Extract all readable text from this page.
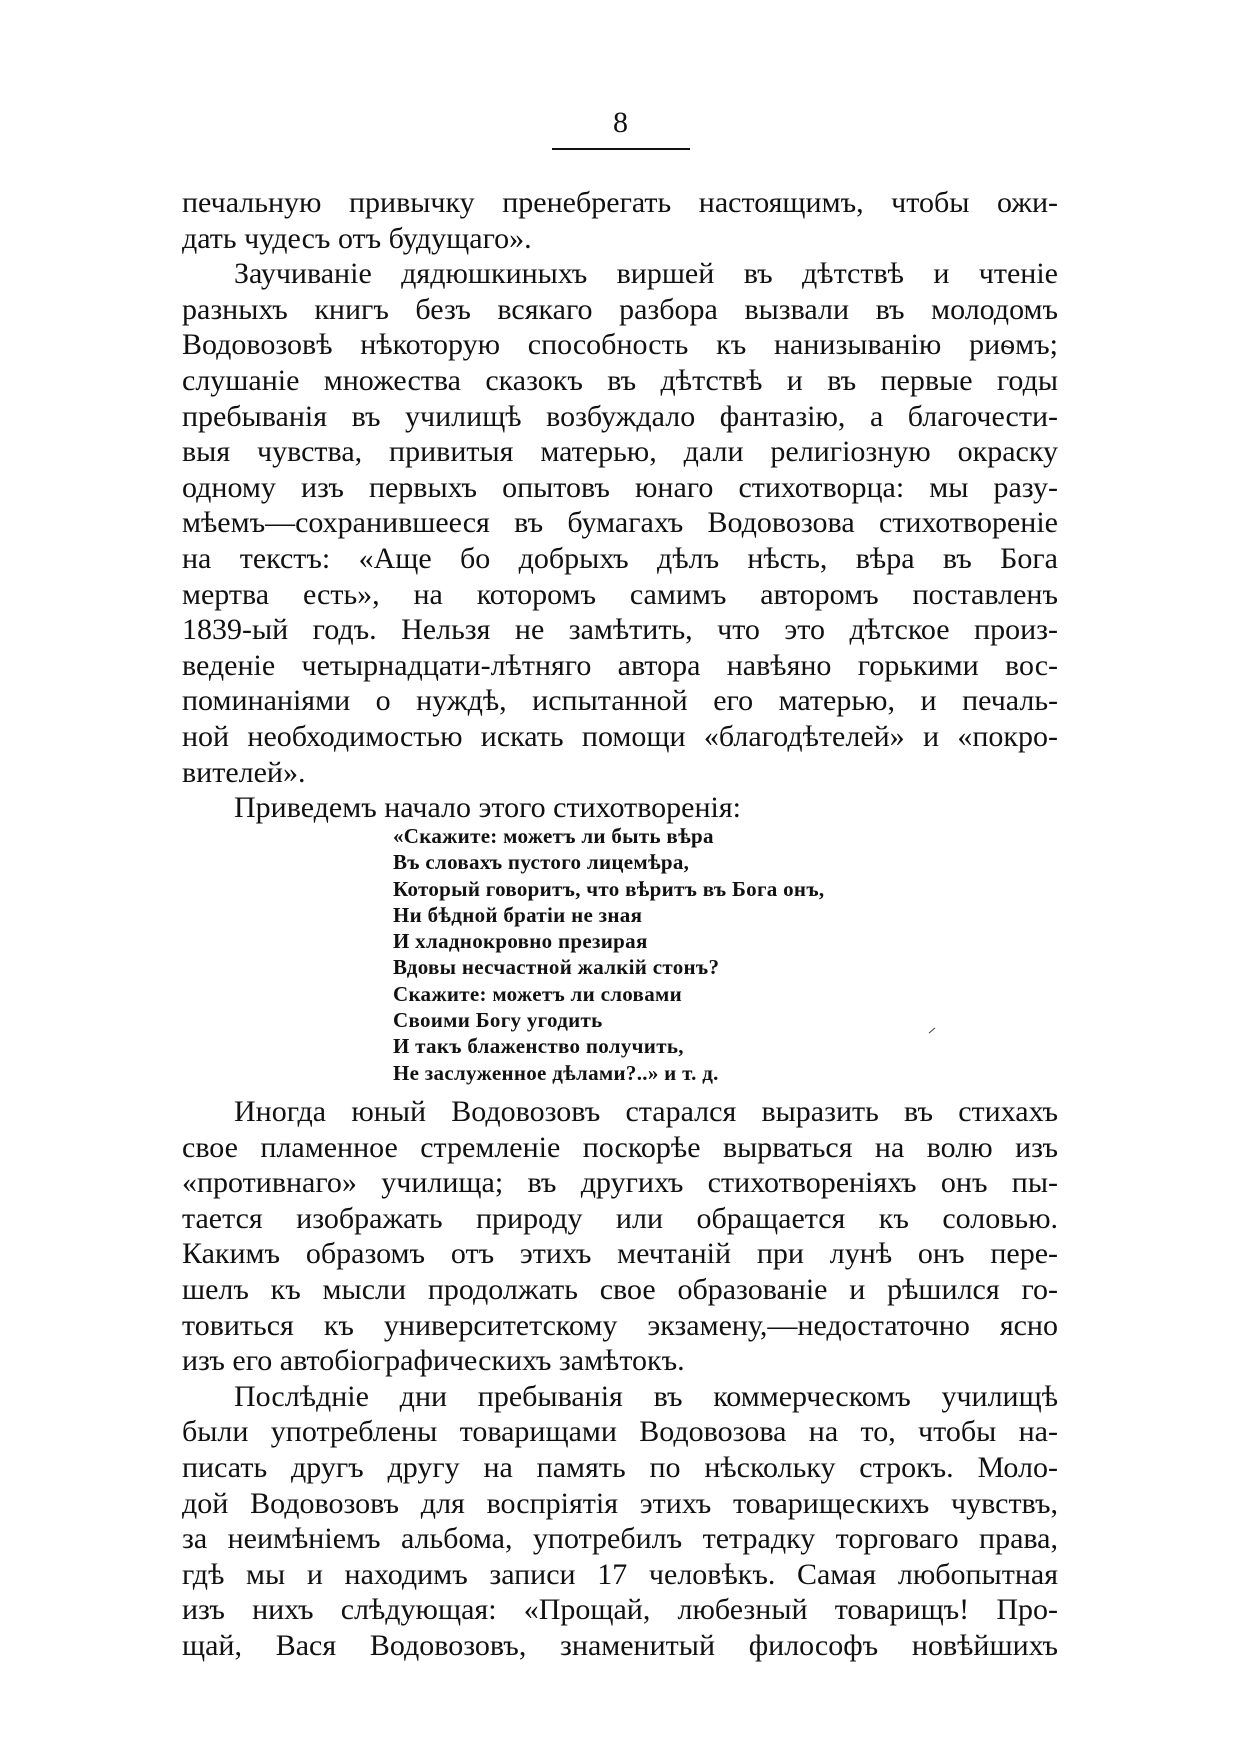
8
печальную привычку пренебрегать настоящимъ, чтобы ожи-
дать чудесъ отъ будущаго».
Заучиваніе дядюшкиныхъ виршей въ дѣтствѣ и чтеніе
разныхъ книгъ безъ всякаго разбора вызвали въ молодомъ
Водовозовѣ нѣкоторую способность къ нанизыванію риѳмъ;
слушаніе множества сказокъ въ дѣтствѣ и въ первые годы
пребыванія въ училищѣ возбуждало фантазію, а благочести-
выя чувства, привитыя матерью, дали религіозную окраску
одному изъ первыхъ опытовъ юнаго стихотворца: мы разу-
мѣемъ—сохранившееся въ бумагахъ Водовозова стихотвореніе
на текстъ: «Аще бо добрыхъ дѣлъ нѣсть, вѣра въ Бога
мертва есть», на которомъ самимъ авторомъ поставленъ
1839-ый годъ. Нельзя не замѣтить, что это дѣтское произ-
веденіе четырнадцати-лѣтняго автора навѣяно горькими вос-
поминаніями о нуждѣ, испытанной его матерью, и печаль-
ной необходимостью искать помощи «благодѣтелей» и «покро-
вителей».
Приведемъ начало этого стихотворенія:
«Скажите: можетъ ли быть вѣра
Въ словахъ пустого лицемѣра,
Который говоритъ, что вѣритъ въ Бога онъ,
Ни бѣдной братіи не зная
И хладнокровно презирая
Вдовы несчастной жалкій стонъ?
Скажите: можетъ ли словами
Своими Богу угодить
И такъ блаженство получить,
Не заслуженное дѣлами?..» и т. д.
Иногда юный Водовозовъ старался выразить въ стихахъ
свое пламенное стремленіе поскорѣе вырваться на волю изъ
«противнаго» училища; въ другихъ стихотвореніяхъ онъ пы-
тается изображать природу или обращается къ соловью.
Какимъ образомъ отъ этихъ мечтаній при лунѣ онъ пере-
шелъ къ мысли продолжать свое образованіе и рѣшился го-
товиться къ университетскому экзамену,—недостаточно ясно
изъ его автобіографическихъ замѣтокъ.
Послѣдніе дни пребыванія въ коммерческомъ училищѣ
были употреблены товарищами Водовозова на то, чтобы на-
писать другъ другу на память по нѣскольку строкъ. Моло-
дой Водовозовъ для воспріятія этихъ товарищескихъ чувствъ,
за неимѣніемъ альбома, употребилъ тетрадку торговаго права,
гдѣ мы и находимъ записи 17 человѣкъ. Самая любопытная
изъ нихъ слѣдующая: «Прощай, любезный товарищъ! Про-
щай, Вася Водовозовъ, знаменитый философъ новѣйшихъ
